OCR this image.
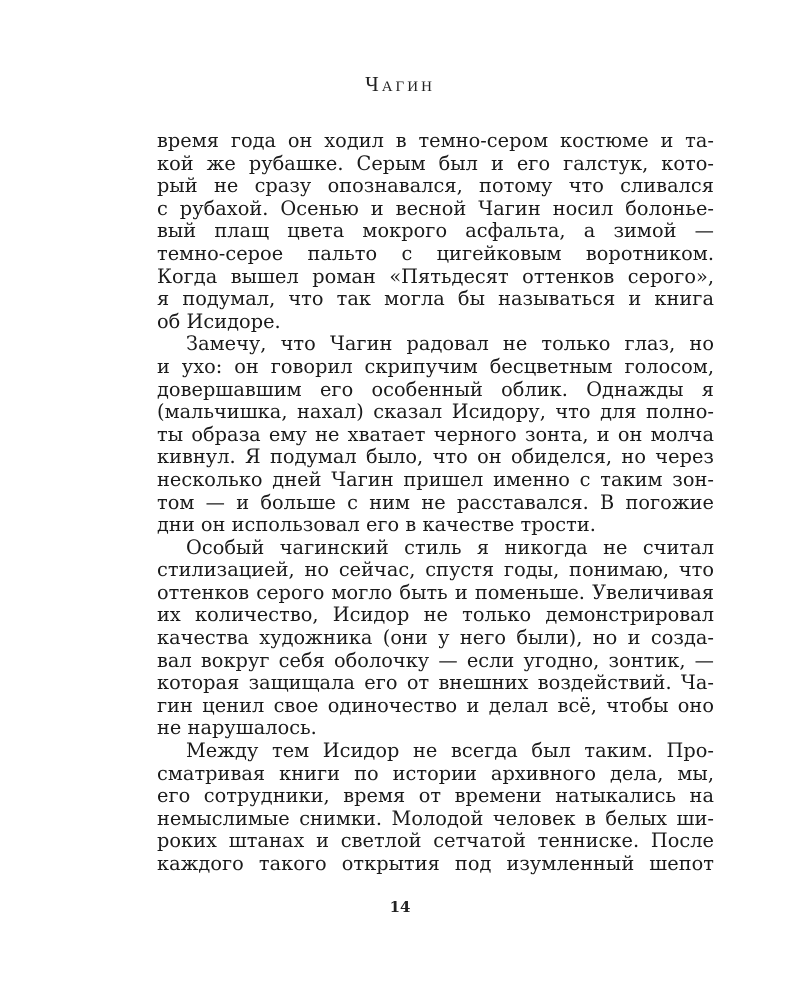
Чагин
время года он ходил в темно-сером костюме и та-
кой же рубашке. Серым был и его галстук, кото-
рый не сразу опознавался, потому что сливался
с рубахой. Осенью и весной Чагин носил болонье-
вый плащ цвета мокрого асфальта, а зимой —
темно-серое пальто с цигейковым воротником.
Когда вышел роман «Пятьдесят оттенков серого»,
я подумал, что так могла бы называться и книга
об Исидоре.
Замечу, что Чагин радовал не только глаз, но
и ухо: он говорил скрипучим бесцветным голосом,
довершавшим его особенный облик. Однажды я
(мальчишка, нахал) сказал Исидору, что для полно-
ты образа ему не хватает черного зонта, и он молча
кивнул. Я подумал было, что он обиделся, но через
несколько дней Чагин пришел именно с таким зон-
том — и больше с ним не расставался. В погожие
дни он использовал его в качестве трости.
Особый чагинский стиль я никогда не считал
стилизацией, но сейчас, спустя годы, понимаю, что
оттенков серого могло быть и поменьше. Увеличивая
их количество, Исидор не только демонстрировал
качества художника (они у него были), но и созда-
вал вокруг себя оболочку — если угодно, зонтик, —
которая защищала его от внешних воздействий. Ча-
гин ценил свое одиночество и делал всё, чтобы оно
не нарушалось.
Между тем Исидор не всегда был таким. Про-
сматривая книги по истории архивного дела, мы,
его сотрудники, время от времени натыкались на
немыслимые снимки. Молодой человек в белых ши-
роких штанах и светлой сетчатой тенниске. После
каждого такого открытия под изумленный шепот
14
